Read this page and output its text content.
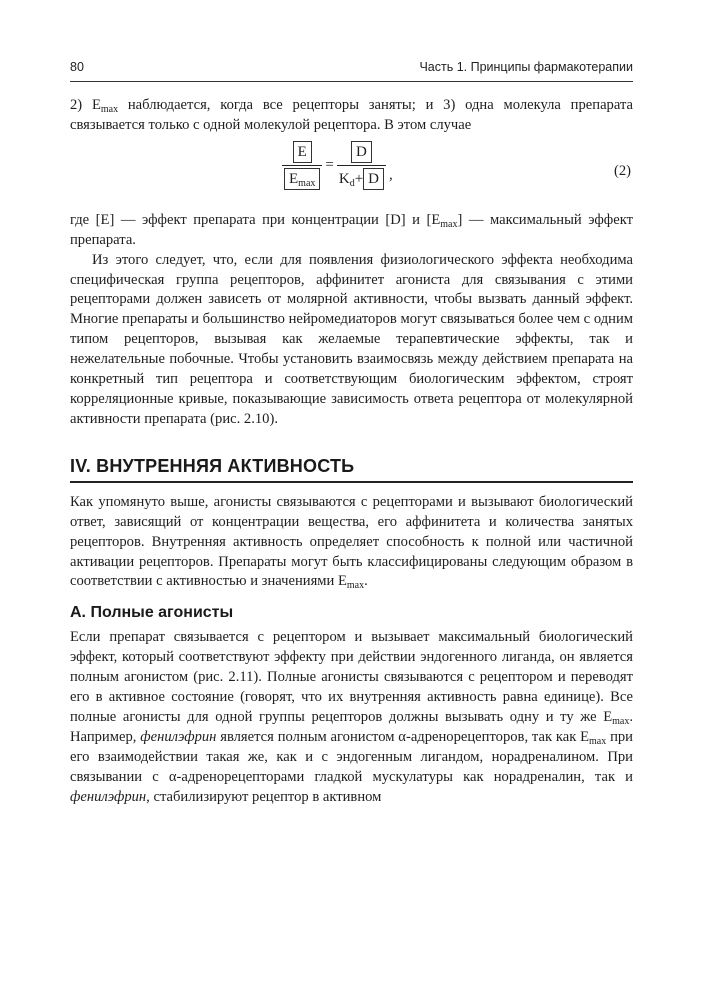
80	Часть 1. Принципы фармакотерапии

2) $E_{max}$ наблюдается, когда все рецепторы заняты; и 3) одна молекула препарата связывается только с одной молекулой рецептора. В этом случае

$\frac{E}{E_{max}} = \frac{D}{K_d+ D}$ ,	(2)

где [E] — эффект препарата при концентрации [D] и $[E_{max}]$ — максимальный эффект препарата.

Из этого следует, что, если для появления физиологического эффекта необходима специфическая группа рецепторов, аффинитет агониста для связывания с этими рецепторами должен зависеть от молярной активности, чтобы вызвать данный эффект. Многие препараты и большинство нейромедиаторов могут связываться более чем с одним типом рецепторов, вызывая как желаемые терапевтические эффекты, так и нежелательные побочные. Чтобы установить взаимосвязь между действием препарата на конкретный тип рецептора и соответствующим биологическим эффектом, строят корреляционные кривые, показывающие зависимость ответа рецептора от молекулярной активности препарата (рис. 2.10).

IV. ВНУТРЕННЯЯ АКТИВНОСТЬ

Как упомянуто выше, агонисты связываются с рецепторами и вызывают биологический ответ, зависящий от концентрации вещества, его аффинитета и количества занятых рецепторов. Внутренняя активность определяет способность к полной или частичной активации рецепторов. Препараты могут быть классифицированы следующим образом в соответствии с активностью и значениями $E_{max}$.

А. Полные агонисты

Если препарат связывается с рецептором и вызывает максимальный биологический эффект, который соответствуют эффекту при действии эндогенного лиганда, он является полным агонистом (рис. 2.11). Полные агонисты связываются с рецептором и переводят его в активное состояние (говорят, что их внутренняя активность равна единице). Все полные агонисты для одной группы рецепторов должны вызывать одну и ту же $E_{max}$. Например, фенилэфрин является полным агонистом α-адренорецепторов, так как $E_{max}$ при его взаимодействии такая же, как и с эндогенным лигандом, норадреналином. При связывании с α-адренорецепторами гладкой мускулатуры как норадреналин, так и фенилэфрин, стабилизируют рецептор в активном
